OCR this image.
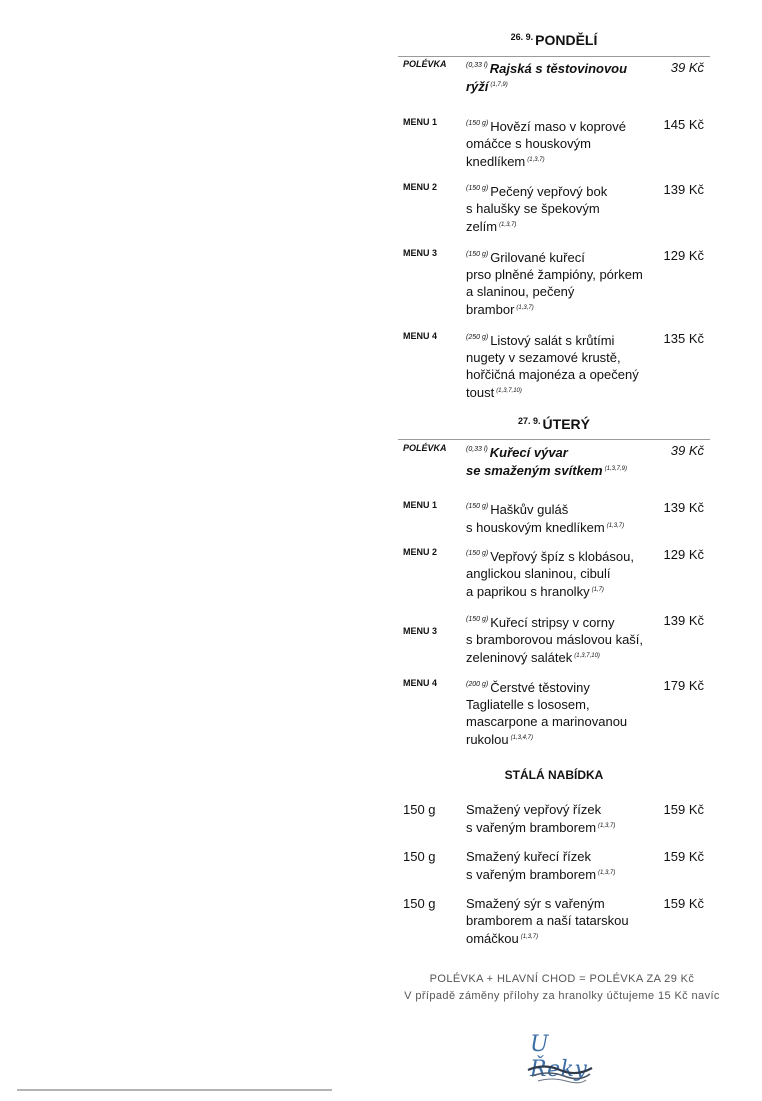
$^{26. 9.}$ PONDĚLÍ
POLÉVKA	$^{(0,33 l)}$ Rajská s těstovinovou
rýží $^{(1,7,9)}$
39 Kč
MENU 1	$^{(150 g)}$ Hovězí maso v koprové
omáčce s houskovým
knedlíkem $^{(1,3,7)}$
145 Kč
MENU 2	$^{(150 g)}$ Pečený vepřový bok
s halušky se špekovým
zelím $^{(1,3,7)}$
139 Kč
MENU 3	$^{(150 g)}$ Grilované kuřecí
prso plněné žampióny, pórkem
a slaninou, pečený
brambor $^{(1,3,7)}$
129 Kč
MENU 4	$^{(250 g)}$ Listový salát s krůtími
nugety v sezamové krustě,
hořčičná majonéza a opečený
toust $^{(1,3,7,10)}$
135 Kč
$^{27. 9.}$ ÚTERÝ
POLÉVKA	$^{(0,33 l)}$ Kuřecí vývar
se smaženým svítkem $^{(1,3,7,9)}$
39 Kč
MENU 1	$^{(150 g)}$ Haškův guláš
s houskovým knedlíkem $^{(1,3,7)}$
139 Kč
MENU 2	$^{(150 g)}$ Vepřový špíz s klobásou,
anglickou slaninou, cibulí
a paprikou s hranolky $^{(1,7)}$
129 Kč
MENU 3
$^{(150 g)}$ Kuřecí stripsy v corny
s bramborovou máslovou kaší,
zeleninový salátek $^{(1,3,7,10)}$
139 Kč
MENU 4	$^{(200 g)}$ Čerstvé těstoviny
Tagliatelle s lososem,
mascarpone a marinovanou
rukolou $^{(1,3,4,7)}$
179 Kč
STÁLÁ NABÍDKA
150 g Smažený vepřový řízek
s vařeným bramborem $^{(1,3,7)}$
159 Kč
150 g Smažený kuřecí řízek
s vařeným bramborem $^{(1,3,7)}$
159 Kč
150 g Smažený sýr s vařeným
bramborem a naší tatarskou
omáčkou $^{(1,3,7)}$
159 Kč
POLÉVKA + HLAVNÍ CHOD = POLÉVKA ZA 29 Kč
V případě záměny přílohy za hranolky účtujeme 15 Kč navíc
U Řeky
